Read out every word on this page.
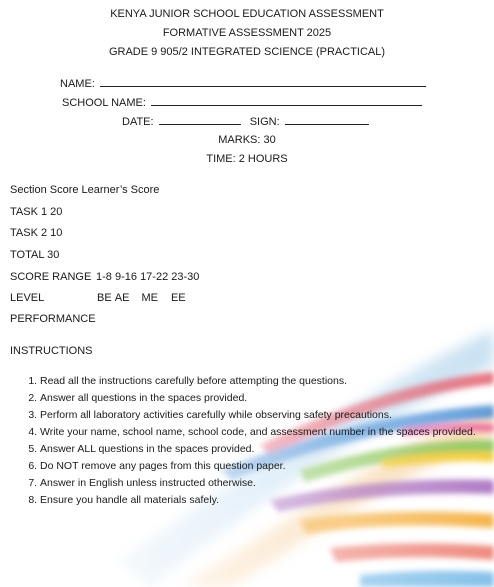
KENYA JUNIOR SCHOOL EDUCATION ASSESSMENT
FORMATIVE ASSESSMENT 2025
GRADE 9 905/2 INTEGRATED SCIENCE (PRACTICAL)
NAME:
SCHOOL NAME:
DATE:	SIGN:
MARKS: 30
TIME: 2 HOURS
Section Score Learner’s Score
TASK 1 20
TASK 2 10
TOTAL 30
SCORE RANGE 1-8 9-16 17-22 23-30
LEVEL	BE AE ME EE
PERFORMANCE
INSTRUCTIONS
1. Read all the instructions carefully before attempting the questions.
2. Answer all questions in the spaces provided.
3. Perform all laboratory activities carefully while observing safety precautions.
4. Write your name, school name, school code, and assessment number in the spaces provided.
5. Answer ALL questions in the spaces provided.
6. Do NOT remove any pages from this question paper.
7. Answer in English unless instructed otherwise.
8. Ensure you handle all materials safely.
